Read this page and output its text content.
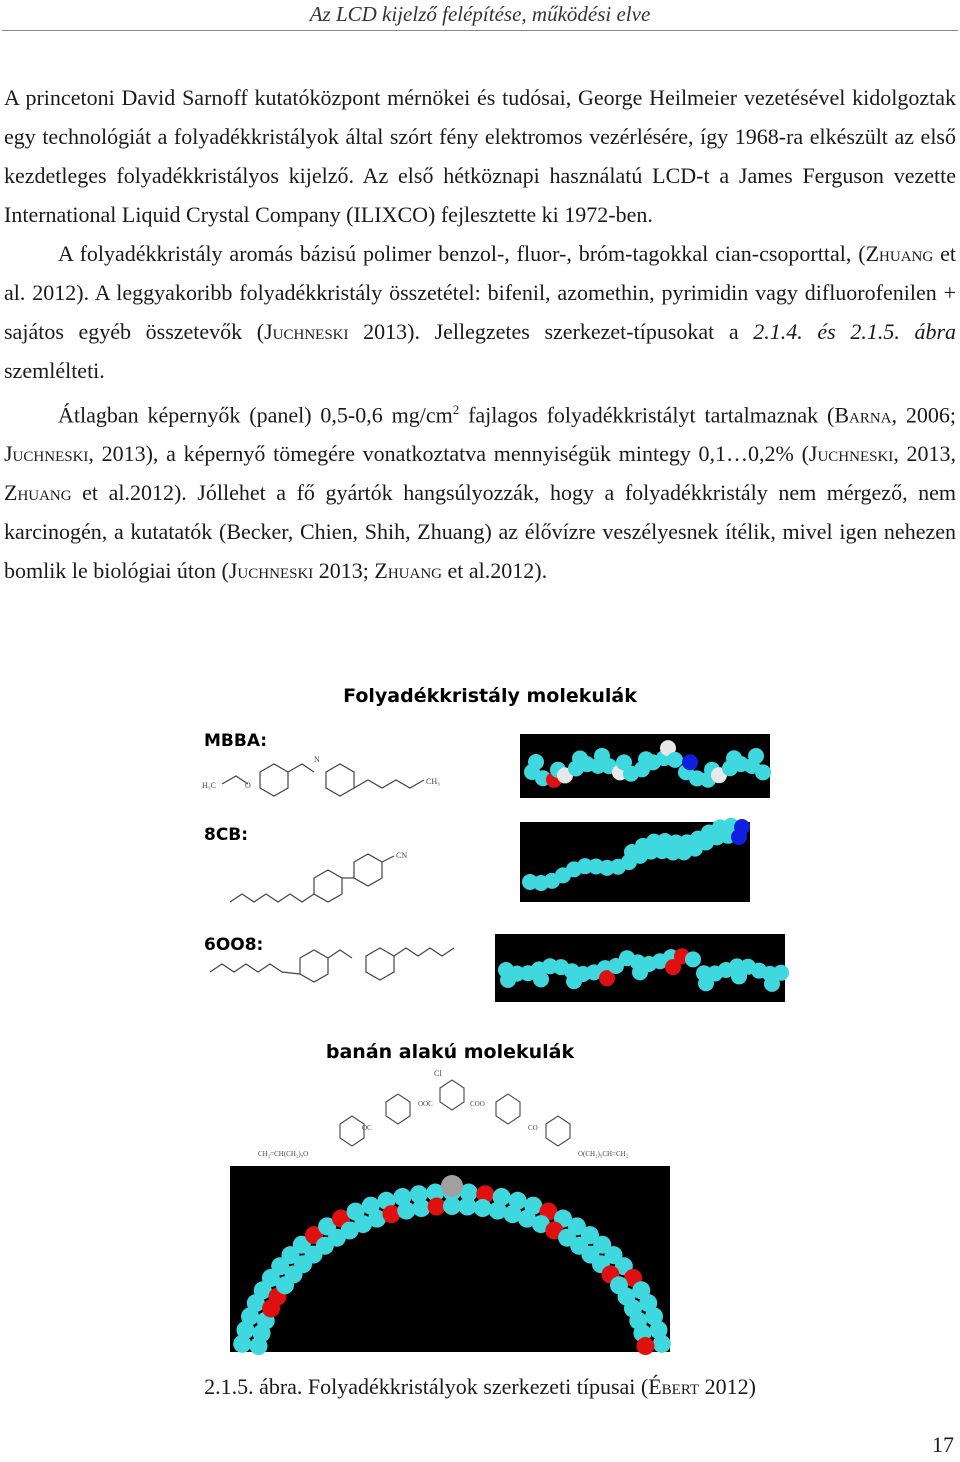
Az LCD kijelző felépítése, működési elve

A princetoni David Sarnoff kutatóközpont mérnökei és tudósai, George Heilmeier vezetésével kidolgoztak egy technológiát a folyadékkristályok által szórt fény elektromos vezérlésére, így 1968-ra elkészült az első kezdetleges folyadékkristályos kijelző. Az első hétköznapi használatú LCD-t a James Ferguson vezette International Liquid Crystal Company (ILIXCO) fejlesztette ki 1972-ben.

A folyadékkristály aromás bázisú polimer benzol-, fluor-, bróm-tagokkal cian-csoporttal, (Zhuang et al. 2012). A leggyakoribb folyadékkristály összetétel: bifenil, azomethin, pyrimidin vagy difluorofenilen + sajátos egyéb összetevők (Juchneski 2013). Jellegzetes szerkezet-típusokat a 2.1.4. és 2.1.5. ábra szemlélteti.

Átlagban képernyők (panel) 0,5-0,6 $mg/cm^2$ fajlagos folyadékkristályt tartalmaznak (Barna, 2006; Juchneski, 2013), a képernyő tömegére vonatkoztatva mennyiségük mintegy 0,1…0,2% (Juchneski, 2013, Zhuang et al.2012). Jóllehet a fő gyártók hangsúlyozzák, hogy a folyadékkristály nem mérgező, nem karcinogén, a kutatatók (Becker, Chien, Shih, Zhuang) az élővízre veszélyesnek ítélik, mivel igen nehezen bomlik le biológiai úton (Juchneski 2013; Zhuang et al.2012).

Folyadékkristály molekulák
MBBA:
H₃C	O
N
CH₃
8CB:
CN
6OO8:
banán alakú molekulák
Cl
OOC	COO
OC	CO
CH₂=CH(CH₂)₉O	O(CH₂)₉CH=CH₂
2.1.5. ábra. Folyadékkristályok szerkezeti típusai (Ébert 2012)
17
